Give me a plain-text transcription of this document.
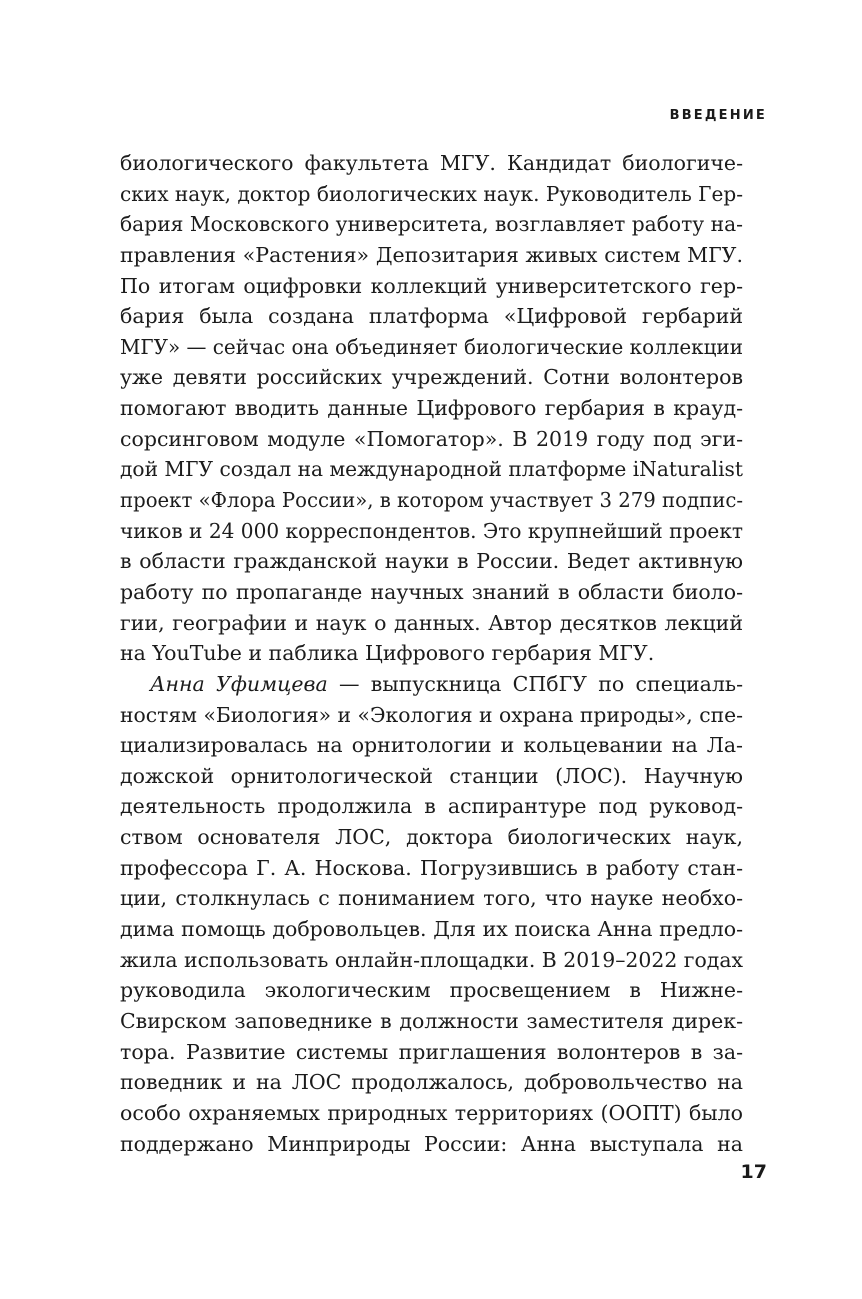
ВВЕДЕНИЕ
биологического факультета МГУ. Кандидат биологиче-
ских наук, доктор биологических наук. Руководитель Гер-
бария Московского университета, возглавляет работу на-
правления «Растения» Депозитария живых систем МГУ.
По итогам оцифровки коллекций университетского гер-
бария была создана платформа «Цифровой гербарий
МГУ» — сейчас она объединяет биологические коллекции
уже девяти российских учреждений. Сотни волонтеров
помогают вводить данные Цифрового гербария в крауд-
сорсинговом модуле «Помогатор». В 2019 году под эги-
дой МГУ создал на международной платформе iNaturalist
проект «Флора России», в котором участвует 3 279 подпис-
чиков и 24 000 корреспондентов. Это крупнейший проект
в области гражданской науки в России. Ведет активную
работу по пропаганде научных знаний в области биоло-
гии, географии и наук о данных. Автор десятков лекций
на YouTube и паблика Цифрового гербария МГУ.
Анна Уфимцева — выпускница СПбГУ по специаль-
ностям «Биология» и «Экология и охрана природы», спе-
циализировалась на орнитологии и кольцевании на Ла-
дожской орнитологической станции (ЛОС). Научную
деятельность продолжила в аспирантуре под руковод-
ством основателя ЛОС, доктора биологических наук,
профессора Г. А. Носкова. Погрузившись в работу стан-
ции, столкнулась с пониманием того, что науке необхо-
дима помощь добровольцев. Для их поиска Анна предло-
жила использовать онлайн-площадки. В 2019–2022 годах
руководила экологическим просвещением в Нижне-
Свирском заповеднике в должности заместителя дирек-
тора. Развитие системы приглашения волонтеров в за-
поведник и на ЛОС продолжалось, добровольчество на
особо охраняемых природных территориях (ООПТ) было
поддержано Минприроды России: Анна выступала на
17
